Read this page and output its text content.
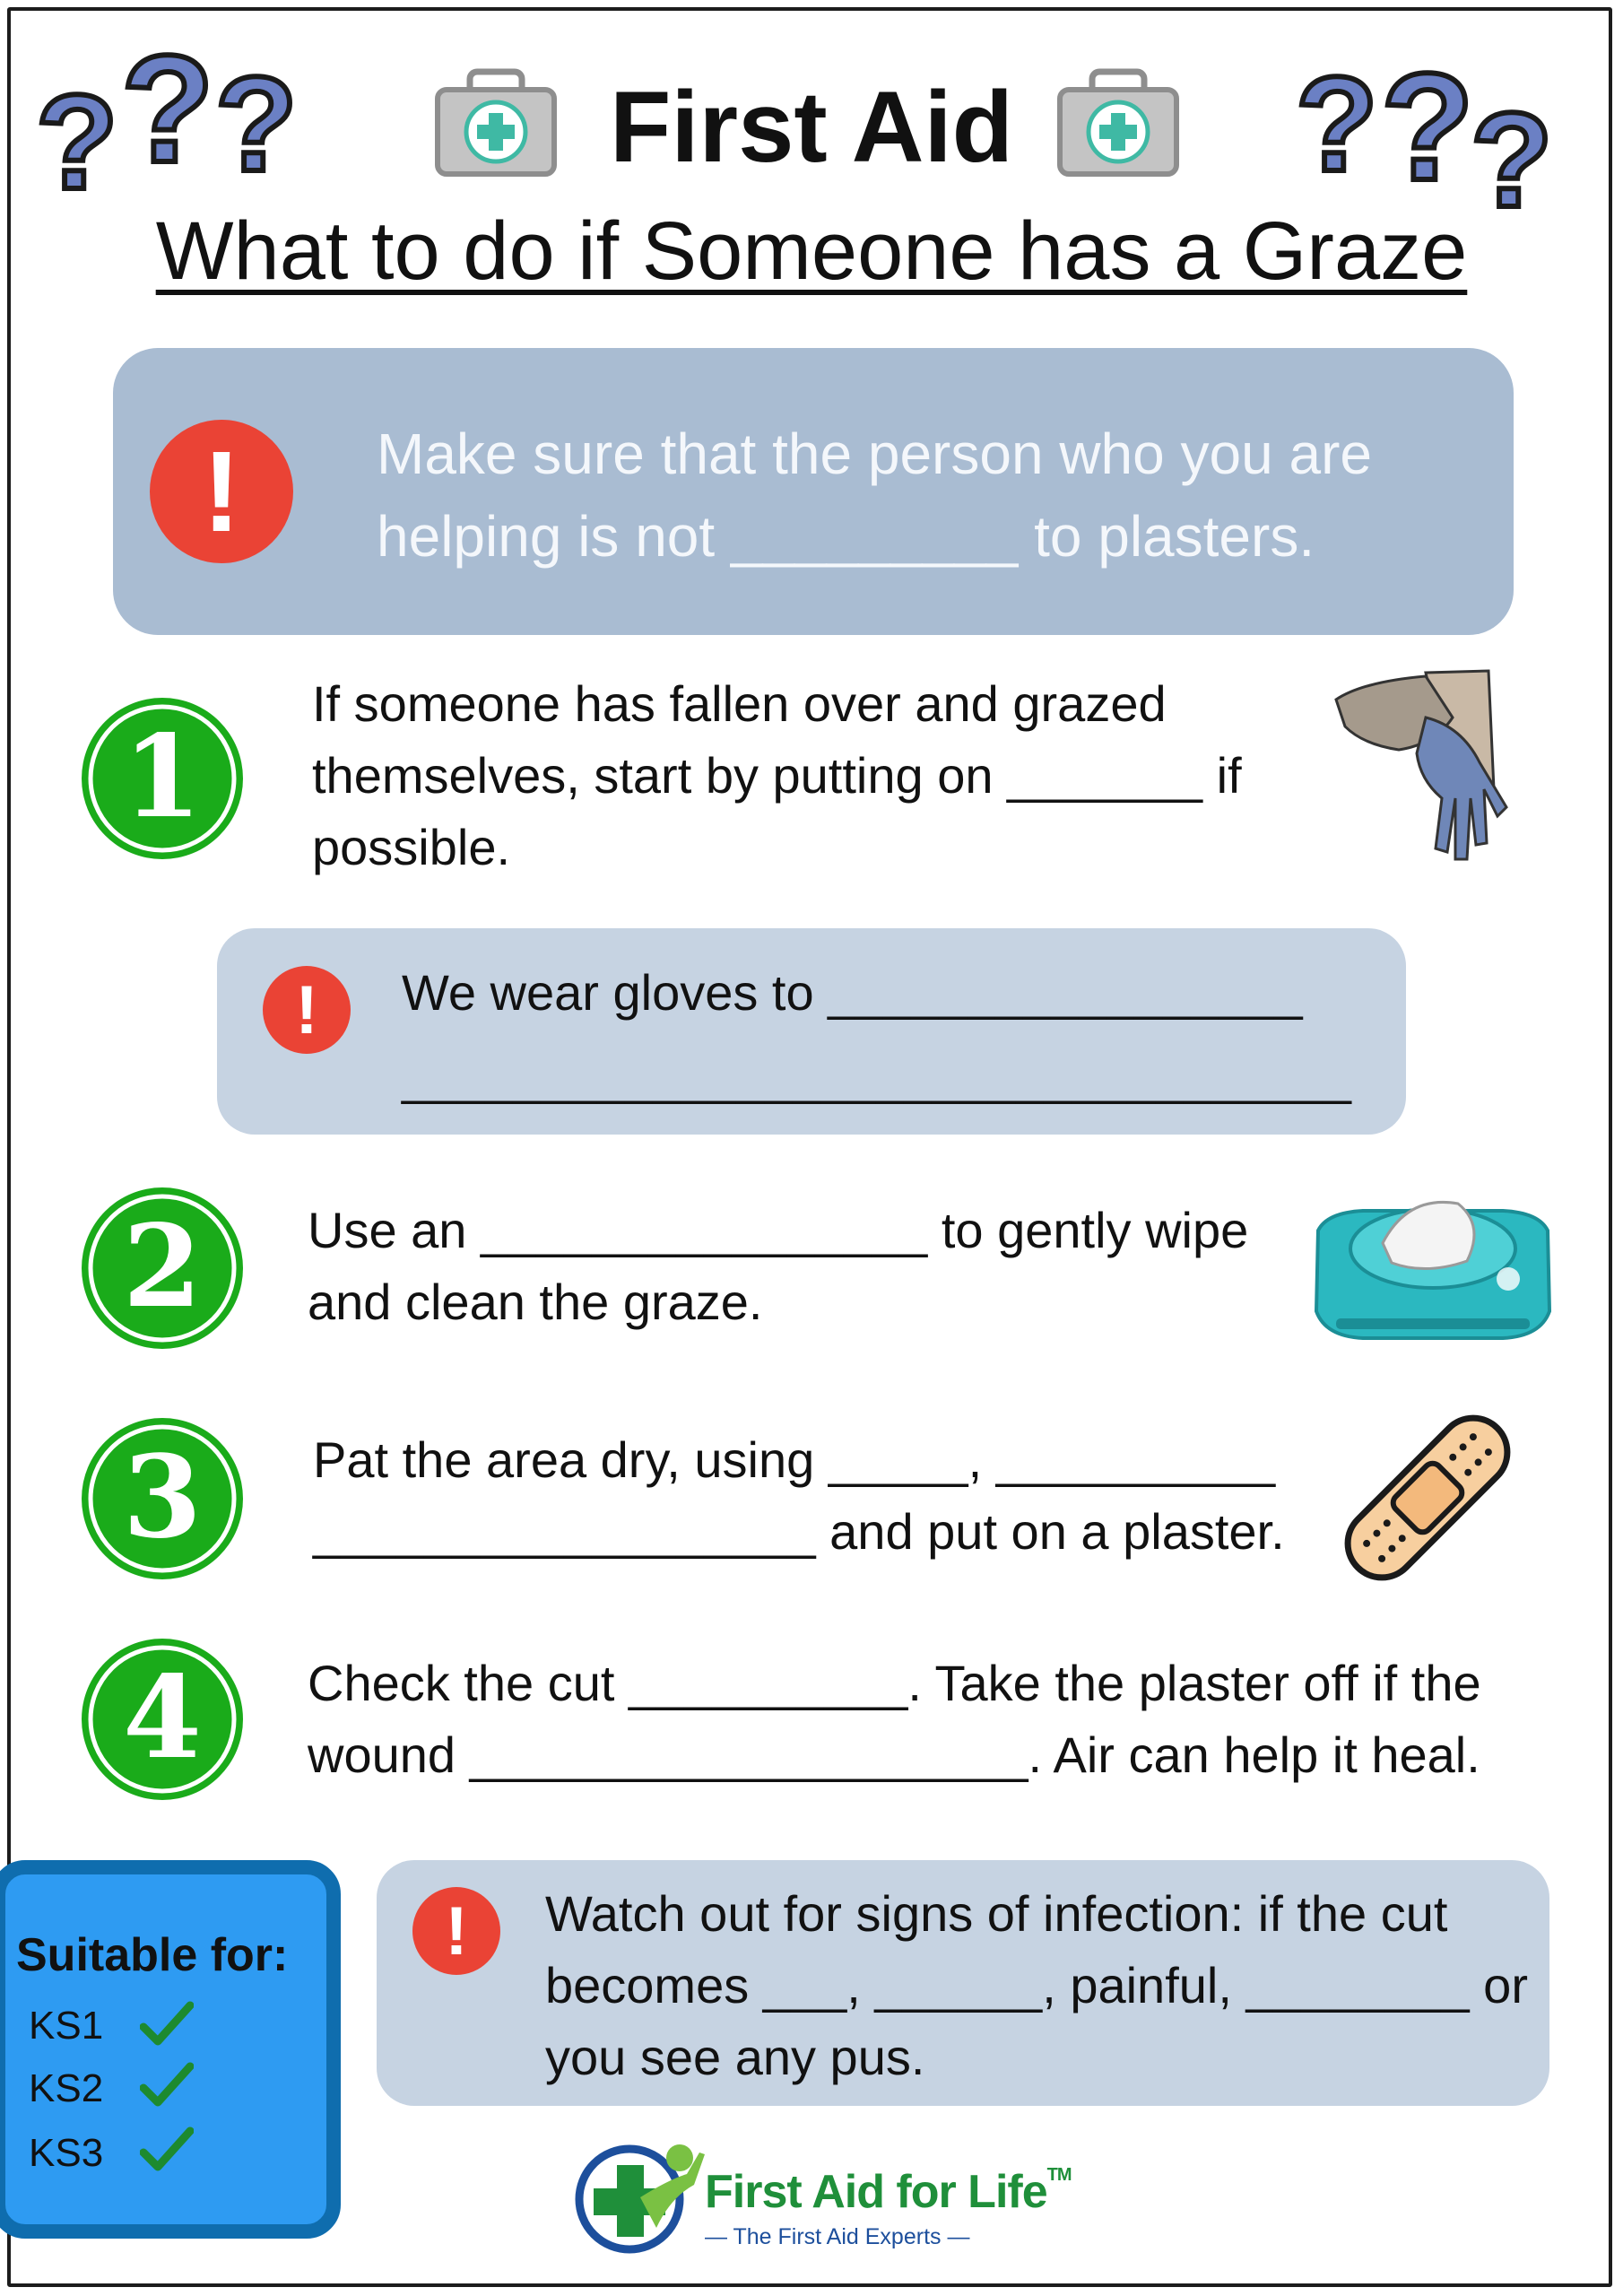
? ? ?	? ?
?
First Aid
What to do if Someone has a Graze
!	Make sure that the person who you are
helping is not _________ to plasters.
1
If someone has fallen over and grazed
themselves, start by putting on _______ if
possible.
!	We wear gloves to _________________
__________________________________
2 Use an ________________ to gently wipe
and clean the graze.
3 Pat the area dry, using _____, __________
__________________ and put on a plaster.
4 Check the cut __________. Take the plaster off if the
wound ____________________. Air can help it heal.
Suitable for:
KS1
KS2
KS3
!	Watch out for signs of infection: if the cut
becomes ___, ______, painful, ________ or
you see any pus.
First Aid for Life™
— The First Aid Experts —
